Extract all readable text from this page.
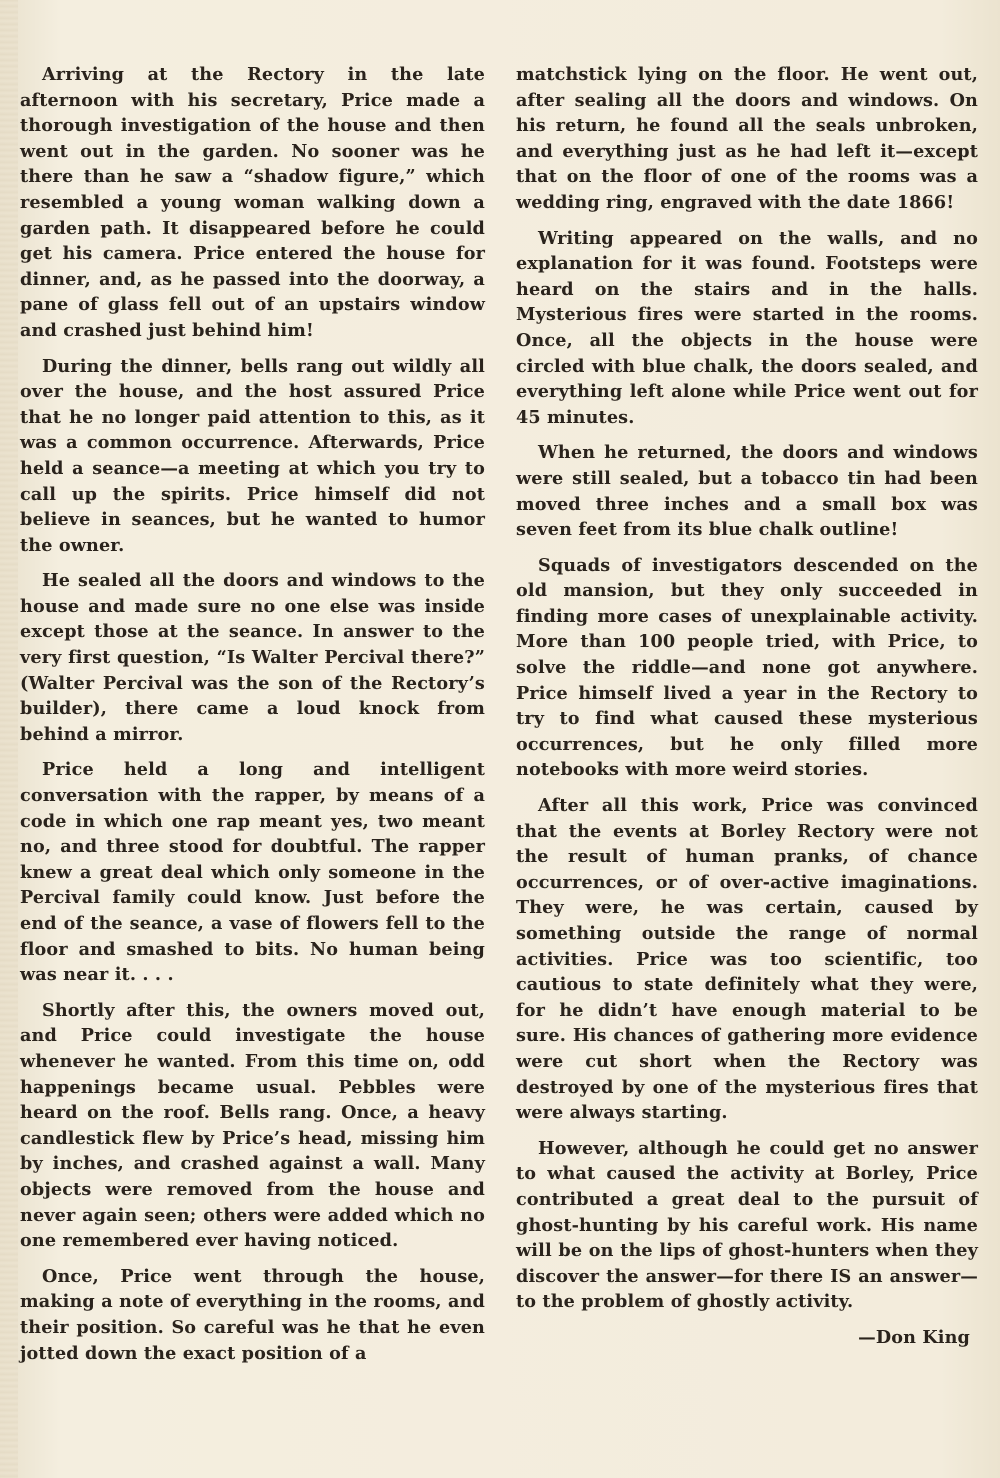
Arriving at the Rectory in the late afternoon with his secretary, Price made a thorough investigation of the house and then went out in the garden. No sooner was he there than he saw a “shadow figure,” which resembled a young woman walking down a garden path. It disappeared before he could get his camera. Price entered the house for dinner, and, as he passed into the doorway, a pane of glass fell out of an upstairs window and crashed just behind him!

During the dinner, bells rang out wildly all over the house, and the host assured Price that he no longer paid attention to this, as it was a common occurrence. Afterwards, Price held a seance—a meeting at which you try to call up the spirits. Price himself did not believe in seances, but he wanted to humor the owner.

He sealed all the doors and windows to the house and made sure no one else was inside except those at the seance. In answer to the very first question, “Is Walter Percival there?” (Walter Percival was the son of the Rectory’s builder), there came a loud knock from behind a mirror.

Price held a long and intelligent conversation with the rapper, by means of a code in which one rap meant yes, two meant no, and three stood for doubtful. The rapper knew a great deal which only someone in the Percival family could know. Just before the end of the seance, a vase of flowers fell to the floor and smashed to bits. No human being was near it. . . .

Shortly after this, the owners moved out, and Price could investigate the house whenever he wanted. From this time on, odd happenings became usual. Pebbles were heard on the roof. Bells rang. Once, a heavy candlestick flew by Price’s head, missing him by inches, and crashed against a wall. Many objects were removed from the house and never again seen; others were added which no one remembered ever having noticed.

Once, Price went through the house, making a note of everything in the rooms, and their position. So careful was he that he even jotted down the exact position of a

matchstick lying on the floor. He went out, after sealing all the doors and windows. On his return, he found all the seals unbroken, and everything just as he had left it—except that on the floor of one of the rooms was a wedding ring, engraved with the date 1866!

Writing appeared on the walls, and no explanation for it was found. Footsteps were heard on the stairs and in the halls. Mysterious fires were started in the rooms. Once, all the objects in the house were circled with blue chalk, the doors sealed, and everything left alone while Price went out for 45 minutes.

When he returned, the doors and windows were still sealed, but a tobacco tin had been moved three inches and a small box was seven feet from its blue chalk outline!

Squads of investigators descended on the old mansion, but they only succeeded in finding more cases of unexplainable activity. More than 100 people tried, with Price, to solve the riddle—and none got anywhere. Price himself lived a year in the Rectory to try to find what caused these mysterious occurrences, but he only filled more notebooks with more weird stories.

After all this work, Price was convinced that the events at Borley Rectory were not the result of human pranks, of chance occurrences, or of over-active imaginations. They were, he was certain, caused by something outside the range of normal activities. Price was too scientific, too cautious to state definitely what they were, for he didn’t have enough material to be sure. His chances of gathering more evidence were cut short when the Rectory was destroyed by one of the mysterious fires that were always starting.

However, although he could get no answer to what caused the activity at Borley, Price contributed a great deal to the pursuit of ghost-hunting by his careful work. His name will be on the lips of ghost-hunters when they discover the answer—for there IS an answer—to the problem of ghostly activity.

—Don King
